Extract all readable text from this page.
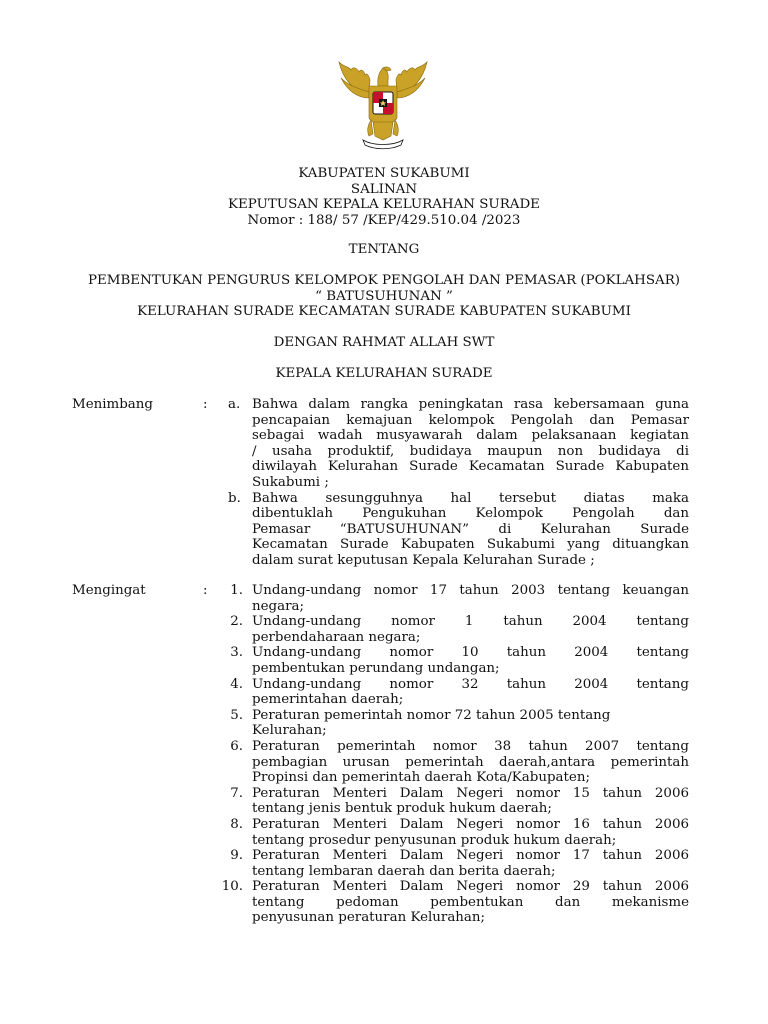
KABUPATEN SUKABUMI
SALINAN
KEPUTUSAN KEPALA KELURAHAN SURADE
Nomor : 188/ 57 /KEP/429.510.04 /2023
TENTANG
PEMBENTUKAN PENGURUS KELOMPOK PENGOLAH DAN PEMASAR (POKLAHSAR)
“ BATUSUHUNAN ”
KELURAHAN SURADE KECAMATAN SURADE KABUPATEN SUKABUMI
DENGAN RAHMAT ALLAH SWT
KEPALA KELURAHAN SURADE
Menimbang	: a. Bahwa dalam rangka peningkatan rasa kebersamaan guna
pencapaian kemajuan kelompok Pengolah dan Pemasar
sebagai wadah musyawarah dalam pelaksanaan kegiatan
/ usaha produktif, budidaya maupun non budidaya di
diwilayah Kelurahan Surade Kecamatan Surade Kabupaten
Sukabumi ;
b. Bahwa sesungguhnya hal tersebut diatas maka
dibentuklah Pengukuhan Kelompok Pengolah dan
Pemasar “BATUSUHUNAN” di Kelurahan Surade
Kecamatan Surade Kabupaten Sukabumi yang dituangkan
dalam surat keputusan Kepala Kelurahan Surade ;
Mengingat	:	1. Undang-undang nomor 17 tahun 2003 tentang keuangan
negara;
2. Undang-undang nomor 1 tahun 2004 tentang
perbendaharaan negara;
3. Undang-undang nomor 10 tahun 2004 tentang
pembentukan perundang undangan;
4. Undang-undang nomor 32 tahun 2004 tentang
pemerintahan daerah;
5. Peraturan pemerintah nomor 72 tahun 2005 tentang
Kelurahan;
6. Peraturan pemerintah nomor 38 tahun 2007 tentang
pembagian urusan pemerintah daerah,antara pemerintah
Propinsi dan pemerintah daerah Kota/Kabupaten;
7. Peraturan Menteri Dalam Negeri nomor 15 tahun 2006
tentang jenis bentuk produk hukum daerah;
8. Peraturan Menteri Dalam Negeri nomor 16 tahun 2006
tentang prosedur penyusunan produk hukum daerah;
9. Peraturan Menteri Dalam Negeri nomor 17 tahun 2006
tentang lembaran daerah dan berita daerah;
10. Peraturan Menteri Dalam Negeri nomor 29 tahun 2006
tentang pedoman pembentukan dan mekanisme
penyusunan peraturan Kelurahan;
